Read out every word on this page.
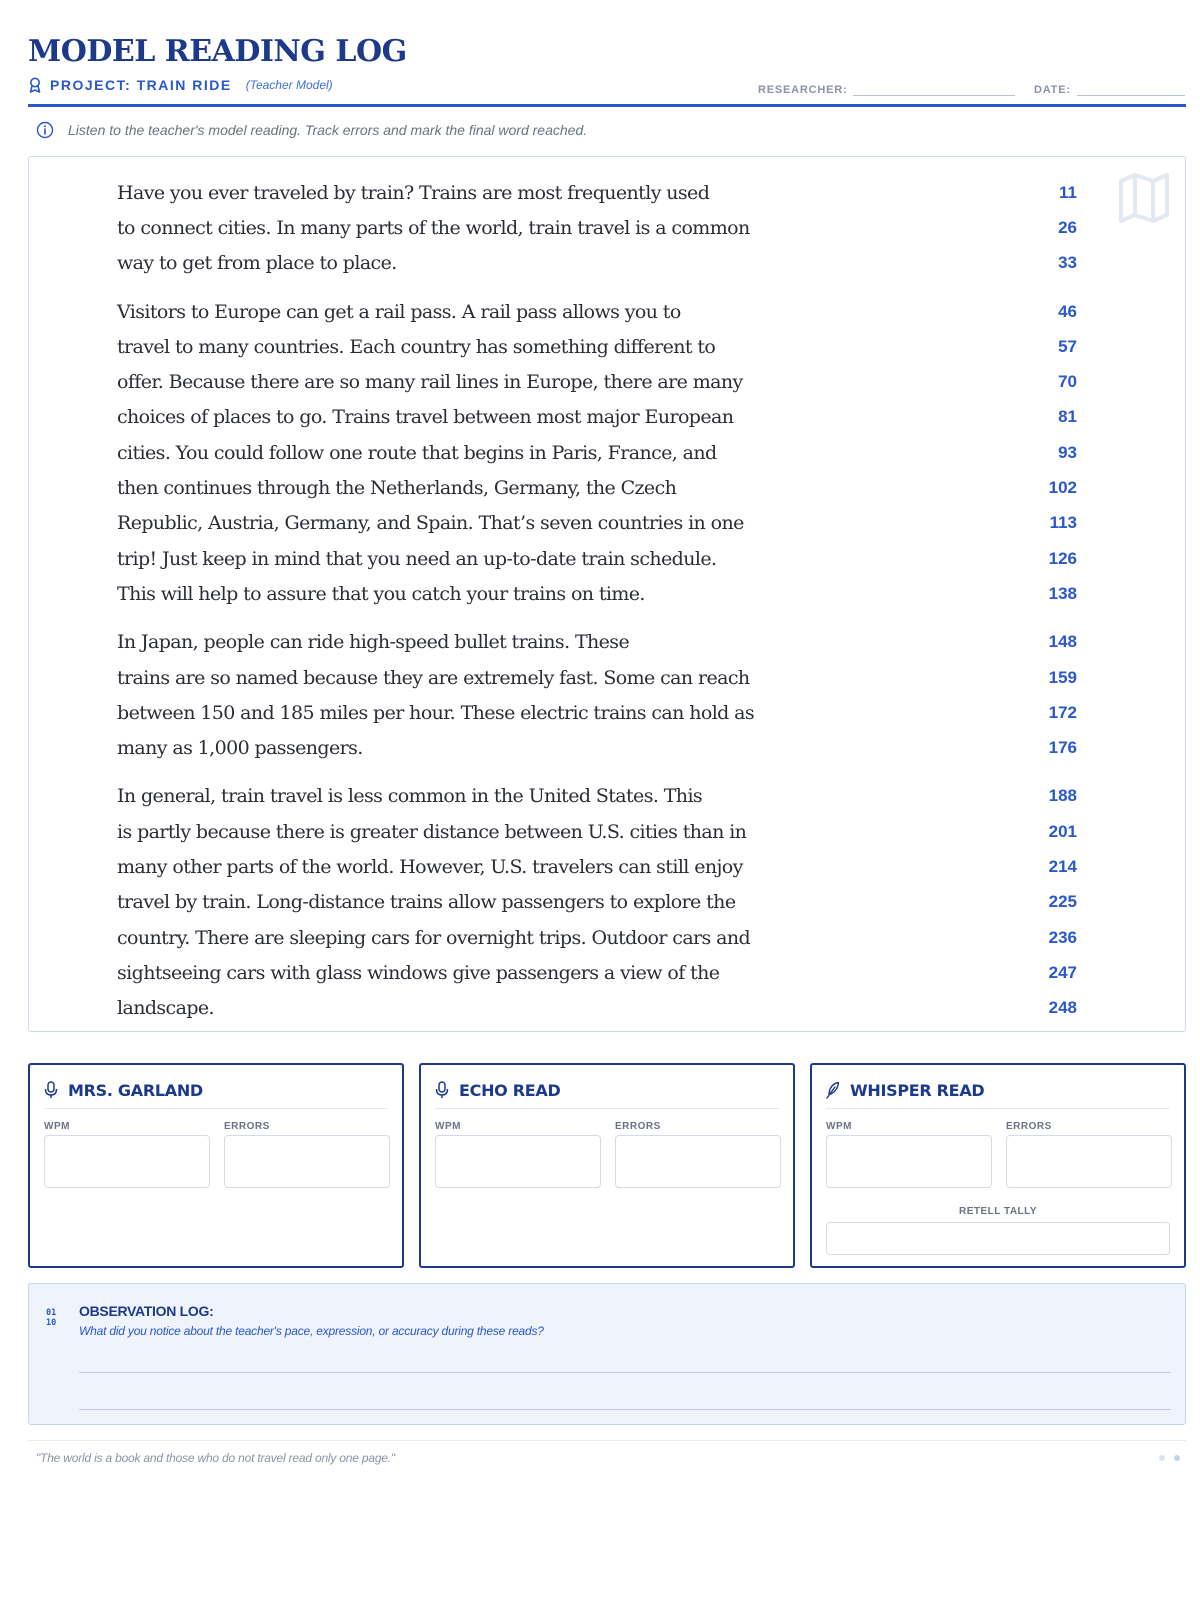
MODEL READING LOG
PROJECT: TRAIN RIDE (Teacher Model)	RESEARCHER:	DATE:
Listen to the teacher's model reading. Track errors and mark the final word reached.
Have you ever traveled by train? Trains are most frequently used	11
to connect cities. In many parts of the world, train travel is a common	26
way to get from place to place.	33
Visitors to Europe can get a rail pass. A rail pass allows you to	46
travel to many countries. Each country has something different to	57
offer. Because there are so many rail lines in Europe, there are many	70
choices of places to go. Trains travel between most major European	81
cities. You could follow one route that begins in Paris, France, and	93
then continues through the Netherlands, Germany, the Czech	102
Republic, Austria, Germany, and Spain. That’s seven countries in one	113
trip! Just keep in mind that you need an up-to-date train schedule.	126
This will help to assure that you catch your trains on time.	138
In Japan, people can ride high-speed bullet trains. These	148
trains are so named because they are extremely fast. Some can reach	159
between 150 and 185 miles per hour. These electric trains can hold as	172
many as 1,000 passengers.	176
In general, train travel is less common in the United States. This	188
is partly because there is greater distance between U.S. cities than in	201
many other parts of the world. However, U.S. travelers can still enjoy	214
travel by train. Long-distance trains allow passengers to explore the	225
country. There are sleeping cars for overnight trips. Outdoor cars and	236
sightseeing cars with glass windows give passengers a view of the	247
landscape.	248
MRS. GARLAND
WPM	ERRORS
ECHO READ
WPM	ERRORS
WHISPER READ
WPM	ERRORS
RETELL TALLY
01
10
OBSERVATION LOG:
What did you notice about the teacher's pace, expression, or accuracy during these reads?
"The world is a book and those who do not travel read only one page."
